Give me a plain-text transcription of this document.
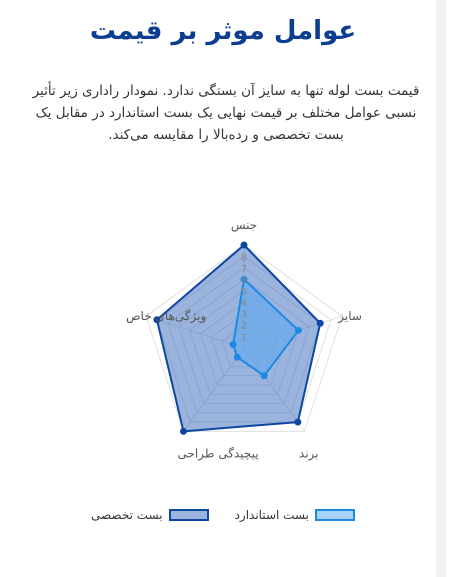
عوامل موثر بر قیمت
قیمت بست لوله تنها به سایز آن بستگی ندارد. نمودار راداری زیر تأثیر نسبی عوامل مختلف بر قیمت نهایی یک بست استاندارد در مقابل یک بست تخصصی و رده‌بالا را مقایسه می‌کند.
1
2
3
4
5
6
7
8
جنس
سایز
برند
پیچیدگی طراحی
ویژگی‌های خاص
بست استاندارد
بست تخصصی
